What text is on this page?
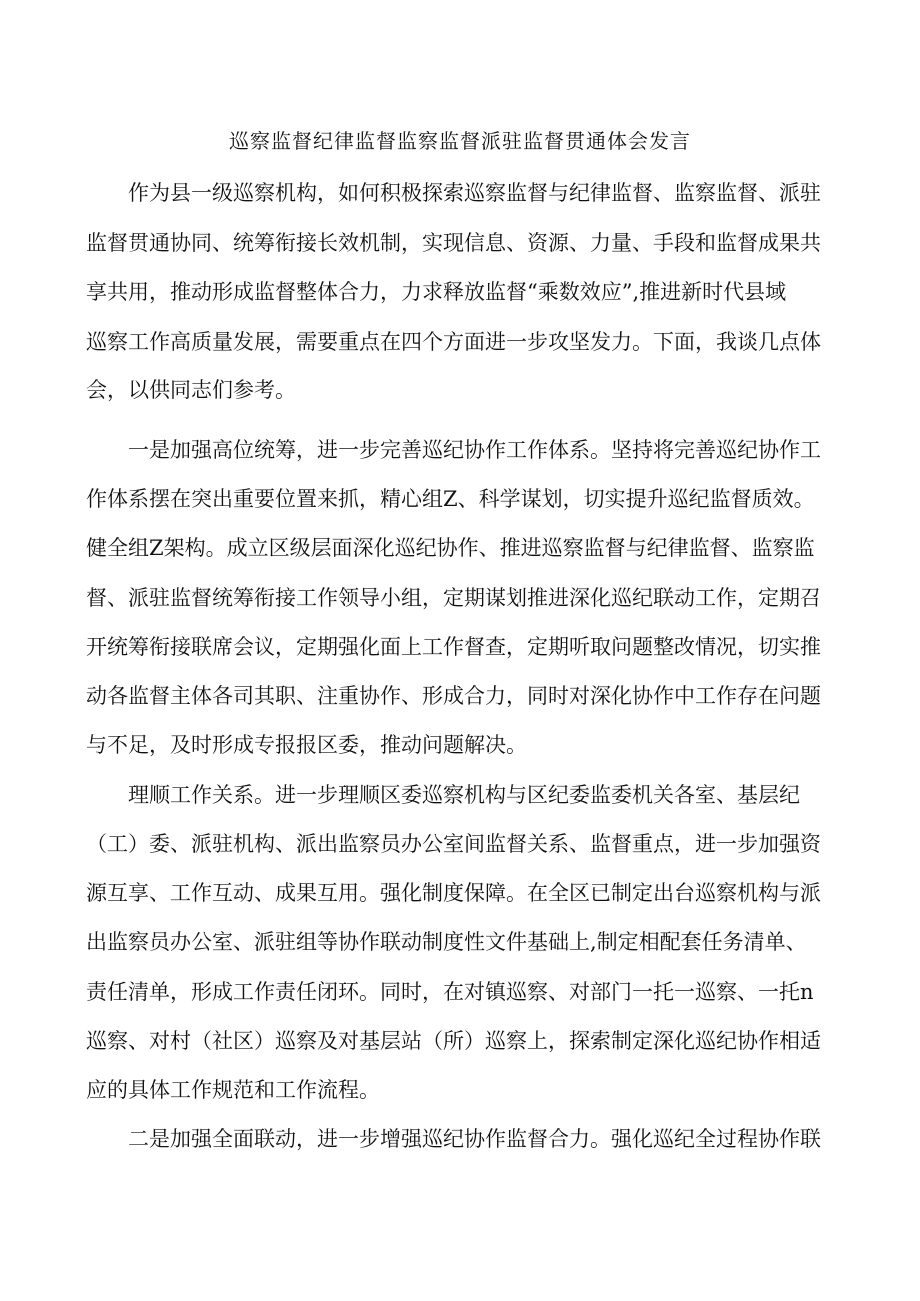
巡察监督纪律监督监察监督派驻监督贯通体会发言
　　作为县一级巡察机构，如何积极探索巡察监督与纪律监督、监察监督、派驻
监督贯通协同、统筹衔接长效机制，实现信息、资源、力量、手段和监督成果共
享共用，推动形成监督整体合力，力求释放监督“乘数效应”,推进新时代县域
巡察工作高质量发展，需要重点在四个方面进一步攻坚发力。下面，我谈几点体
会，以供同志们参考。
　　一是加强高位统筹，进一步完善巡纪协作工作体系。坚持将完善巡纪协作工
作体系摆在突出重要位置来抓，精心组Z、科学谋划，切实提升巡纪监督质效。
健全组Z架构。成立区级层面深化巡纪协作、推进巡察监督与纪律监督、监察监
督、派驻监督统筹衔接工作领导小组，定期谋划推进深化巡纪联动工作，定期召
开统筹衔接联席会议，定期强化面上工作督查，定期听取问题整改情况，切实推
动各监督主体各司其职、注重协作、形成合力，同时对深化协作中工作存在问题
与不足，及时形成专报报区委，推动问题解决。
　　理顺工作关系。进一步理顺区委巡察机构与区纪委监委机关各室、基层纪
（工）委、派驻机构、派出监察员办公室间监督关系、监督重点，进一步加强资
源互享、工作互动、成果互用。强化制度保障。在全区已制定出台巡察机构与派
出监察员办公室、派驻组等协作联动制度性文件基础上,制定相配套任务清单、
责任清单，形成工作责任闭环。同时，在对镇巡察、对部门一托一巡察、一托n
巡察、对村（社区）巡察及对基层站（所）巡察上，探索制定深化巡纪协作相适
应的具体工作规范和工作流程。
　　二是加强全面联动，进一步增强巡纪协作监督合力。强化巡纪全过程协作联
